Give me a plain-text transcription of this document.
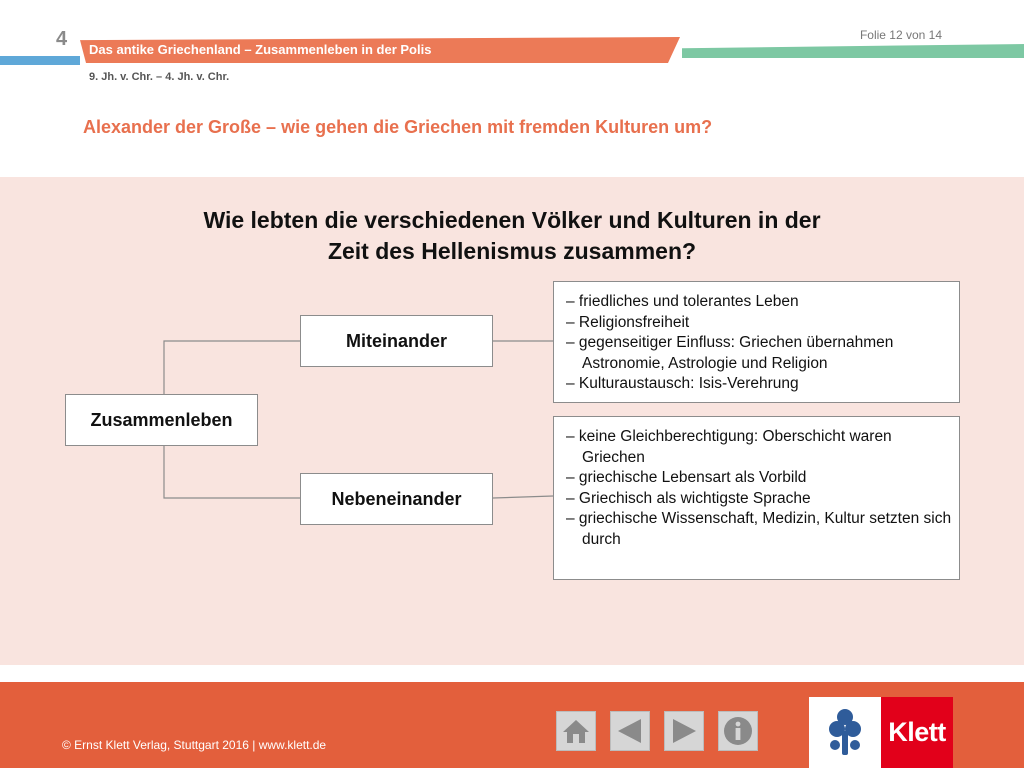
4 Das antike Griechenland – Zusammenleben in der Polis
Folie 12 von 14
9. Jh. v. Chr. – 4. Jh. v. Chr.
Alexander der Große – wie gehen die Griechen mit fremden Kulturen um?
Wie lebten die verschiedenen Völker und Kulturen in der
Zeit des Hellenismus zusammen?
Zusammenleben
Miteinander
Nebeneinander
– friedliches und tolerantes Leben
– Religionsfreiheit
– gegenseitiger Einfluss: Griechen übernahmen Astronomie, Astrologie und Religion
– Kulturaustausch: Isis-Verehrung
– keine Gleichberechtigung: Oberschicht waren Griechen
– griechische Lebensart als Vorbild
– Griechisch als wichtigste Sprache
– griechische Wissenschaft, Medizin, Kultur setzten sich durch
© Ernst Klett Verlag, Stuttgart 2016 | www.klett.de	Klett
